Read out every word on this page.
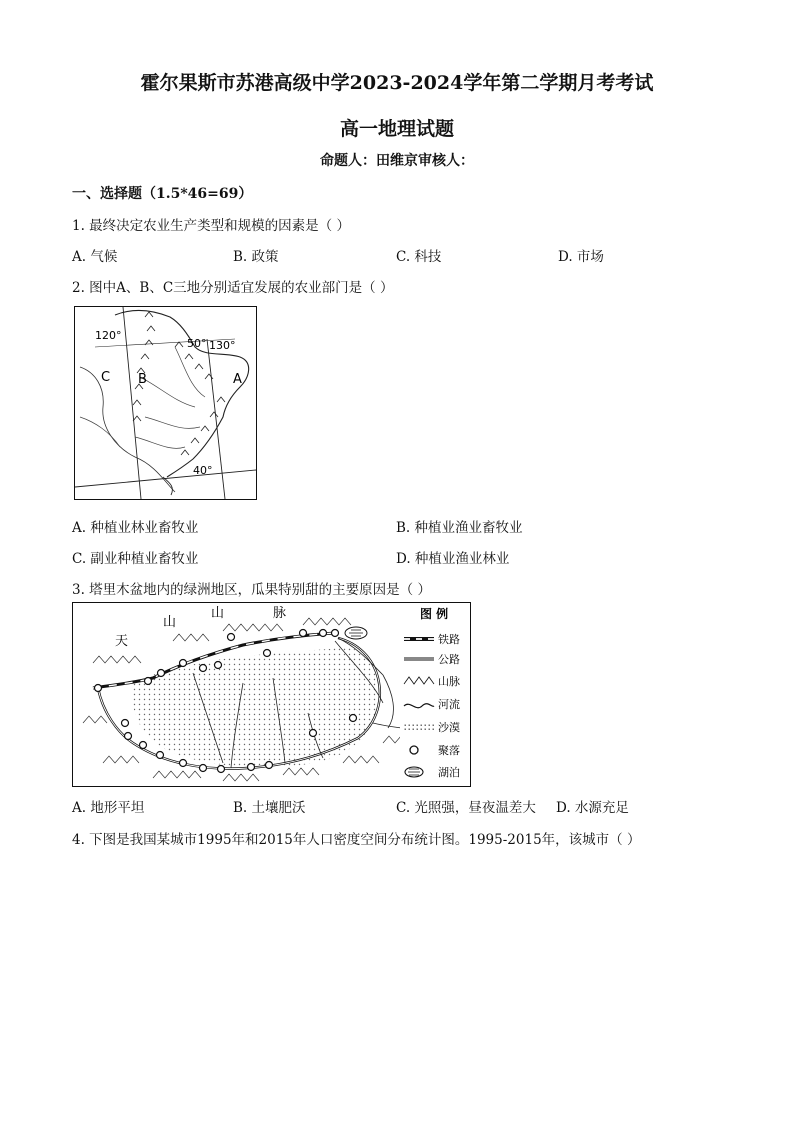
霍尔果斯市苏港高级中学2023-2024学年第二学期月考考试
高一地理试题
命题人：田维京审核人：
一、选择题（1.5*46=69）
1. 最终决定农业生产类型和规模的因素是（ ）
A. 气候	B. 政策	C. 科技	D. 市场
2. 图中A、B、C三地分别适宜发展的农业部门是（ ）
120°
50° 130°
C B	A
40°
A. 种植业林业畜牧业	B. 种植业渔业畜牧业
C. 副业种植业畜牧业	D. 种植业渔业林业
3. 塔里木盆地内的绿洲地区，瓜果特别甜的主要原因是（ ）
天
山
山	脉	图 例
铁路
公路
山脉
河流
沙漠
聚落
湖泊
A. 地形平坦	B. 土壤肥沃	C. 光照强，昼夜温差大 D. 水源充足
4. 下图是我国某城市1995年和2015年人口密度空间分布统计图。1995-2015年，该城市（ ）
